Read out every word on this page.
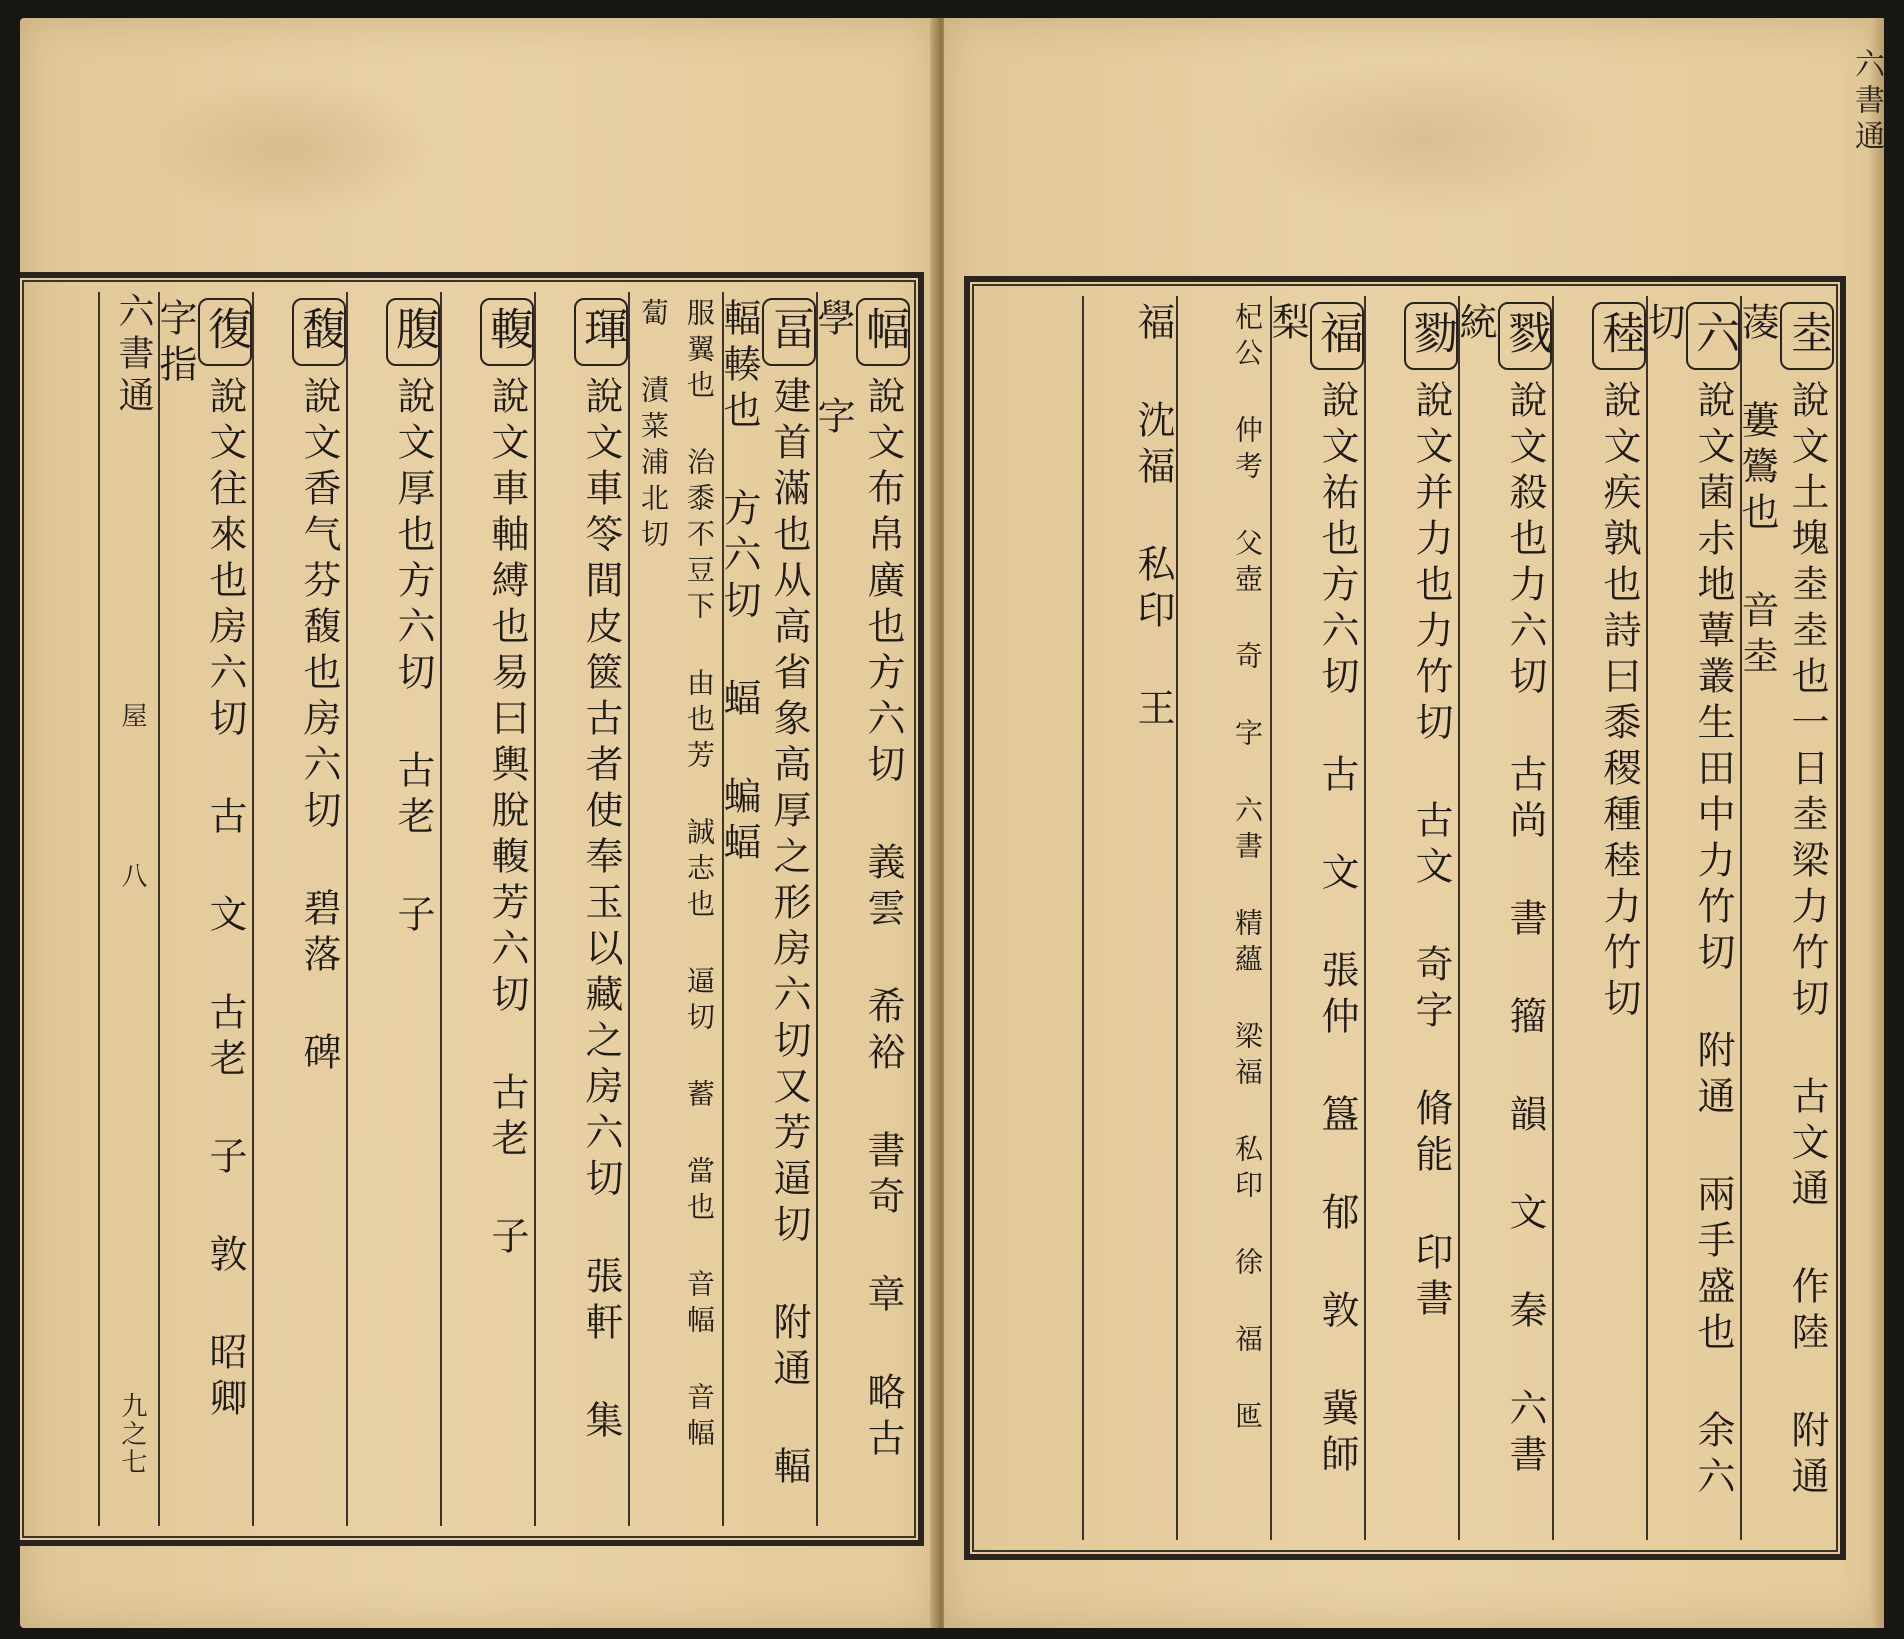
幅說文布帛廣也方六切 義雲 希裕 書奇 章 略古 學 字
畐建首滿也从高省象高厚之形房六切又芳逼切 附通 輻 輻輳也 方六切 蝠 蝙蝠
服翼也 治黍不豆下 由也芳 誠志也 逼切 蓄 當也 音幅 音幅 蔔 漬菜浦北切
琿說文車笭間皮篋古者使奉玉以藏之房六切 張軒 集
輹說文車軸縛也易曰輿脫輹芳六切 古老 子
腹說文厚也方六切 古老 子
馥說文香气芬馥也房六切 碧落 碑
復說文往來也房六切 古 文 古老 子 敦 昭卿 字指
六書通
屋
八
九之七
六書通
坴說文土塊坴坴也一日坴梁力竹切 古文通 作陸 附通 蓤 蔞鷟也 音坴
六說文菌尗地蕈叢生田中力竹切 附通 兩手盛也 余六切
稑說文疾孰也詩曰黍稷種稑力竹切
戮說文殺也力六切 古尚 書 籀 韻 文 秦 六書 統
勠說文并力也力竹切 古文 奇字 脩能 印書
福說文祐也方六切 古 文 張仲 簋 郁 敦 冀師 梨
杞公 仲考 父壺 奇 字 六書 精蘊 梁福 私印 徐 福 匜
福 沈福 私印 王
